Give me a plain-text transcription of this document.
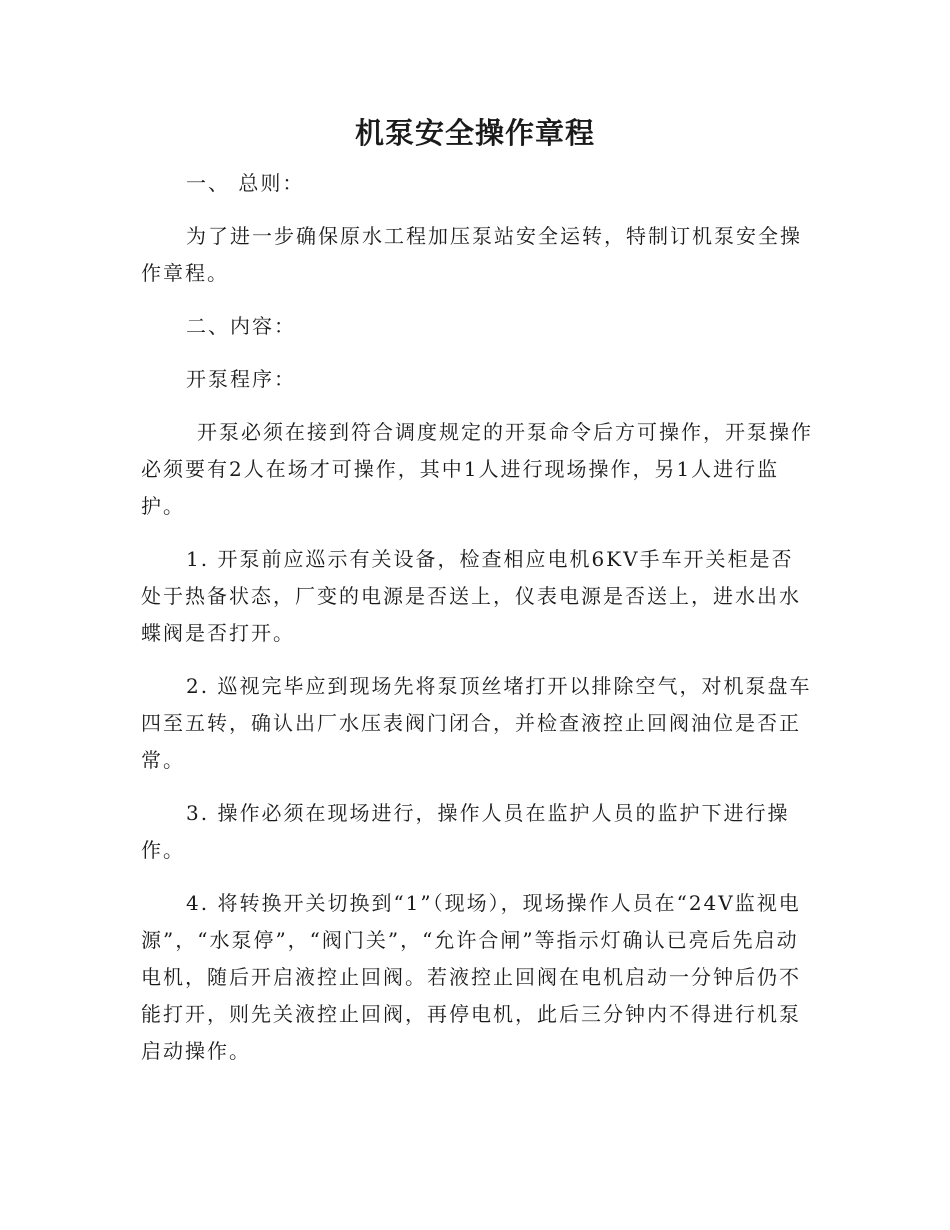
机泵安全操作章程

一、 总则：

为了进一步确保原水工程加压泵站安全运转，特制订机泵安全操作章程。

二、内容：

开泵程序：

开泵必须在接到符合调度规定的开泵命令后方可操作，开泵操作必须要有2人在场才可操作，其中1人进行现场操作，另1人进行监护。

1. 开泵前应巡示有关设备，检查相应电机6KV手车开关柜是否处于热备状态，厂变的电源是否送上，仪表电源是否送上，进水出水蝶阀是否打开。

2. 巡视完毕应到现场先将泵顶丝堵打开以排除空气，对机泵盘车四至五转，确认出厂水压表阀门闭合，并检查液控止回阀油位是否正常。

3. 操作必须在现场进行，操作人员在监护人员的监护下进行操作。

4. 将转换开关切换到“1”（现场），现场操作人员在“24V监视电源”，“水泵停”，“阀门关”，“允许合闸”等指示灯确认已亮后先启动电机，随后开启液控止回阀。若液控止回阀在电机启动一分钟后仍不能打开，则先关液控止回阀，再停电机，此后三分钟内不得进行机泵启动操作。
